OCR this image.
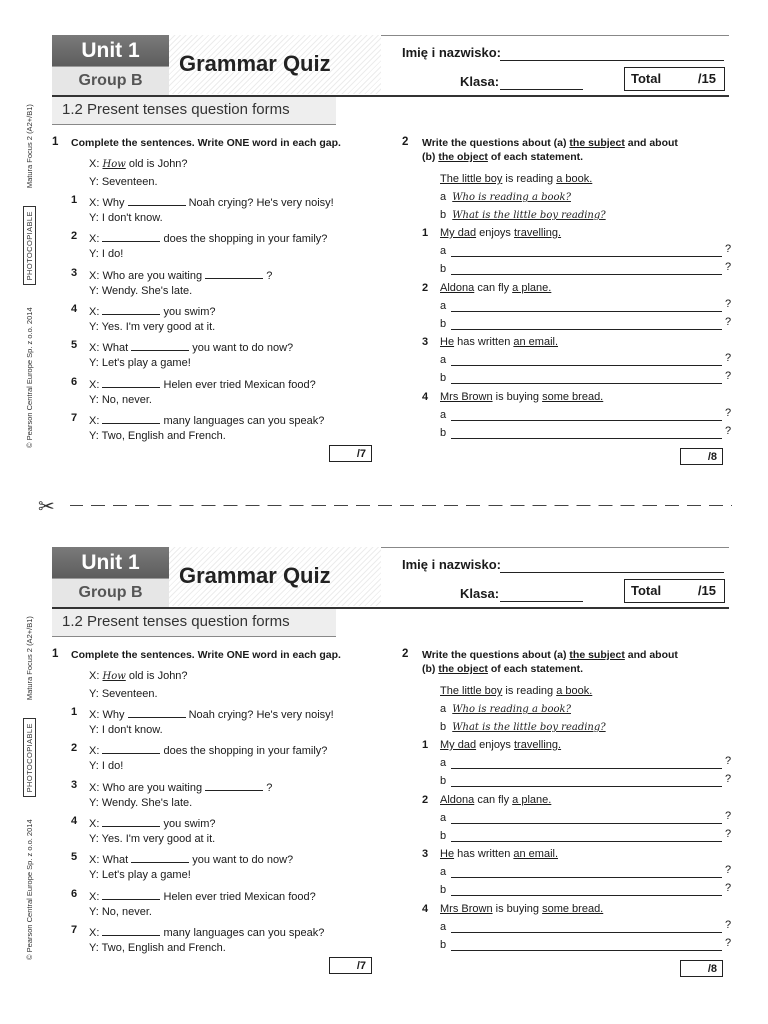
© Pearson Central Europe Sp. z o.o. 2014
PHOTOCOPIABLE
Matura Focus 2 (A2+/B1)
Unit 1
Group B
Grammar Quiz	Imię i nazwisko:
Klasa:	Total	/15
1.2 Present tenses question forms
1 Complete the sentences. Write ONE word in each gap.
X: How old is John?
Y: Seventeen.
1 X: Why	Noah crying? He's very noisy!
Y: I don't know.
2 X:	does the shopping in your family?
Y: I do!
3 X: Who are you waiting	?
Y: Wendy. She's late.
4 X:	you swim?
Y: Yes. I'm very good at it.
5 X: What	you want to do now?
Y: Let's play a game!
6 X:	Helen ever tried Mexican food?
Y: No, never.
7 X:	many languages can you speak?
Y: Two, English and French.
/7
2 Write the questions about (a) the subject and about
(b) the object of each statement.
The little boy is reading a book.
a Who is reading a book?
b What is the little boy reading?
1 My dad enjoys travelling.
a	?
b	?
2 Aldona can fly a plane.
a	?
b	?
3 He has written an email.
a	?
b	?
4 Mrs Brown is buying some bread.
a	?
b	?
/8
© Pearson Central Europe Sp. z o.o. 2014
PHOTOCOPIABLE
Matura Focus 2 (A2+/B1)
Unit 1
Group B
Grammar Quiz	Imię i nazwisko:
Klasa:	Total	/15
1.2 Present tenses question forms
1 Complete the sentences. Write ONE word in each gap.
X: How old is John?
Y: Seventeen.
1 X: Why	Noah crying? He's very noisy!
Y: I don't know.
2 X:	does the shopping in your family?
Y: I do!
3 X: Who are you waiting	?
Y: Wendy. She's late.
4 X:	you swim?
Y: Yes. I'm very good at it.
5 X: What	you want to do now?
Y: Let's play a game!
6 X:	Helen ever tried Mexican food?
Y: No, never.
7 X:	many languages can you speak?
Y: Two, English and French.
/7
2 Write the questions about (a) the subject and about
(b) the object of each statement.
The little boy is reading a book.
a Who is reading a book?
b What is the little boy reading?
1 My dad enjoys travelling.
a	?
b	?
2 Aldona can fly a plane.
a	?
b	?
3 He has written an email.
a	?
b	?
4 Mrs Brown is buying some bread.
a	?
b	?
/8
✂
